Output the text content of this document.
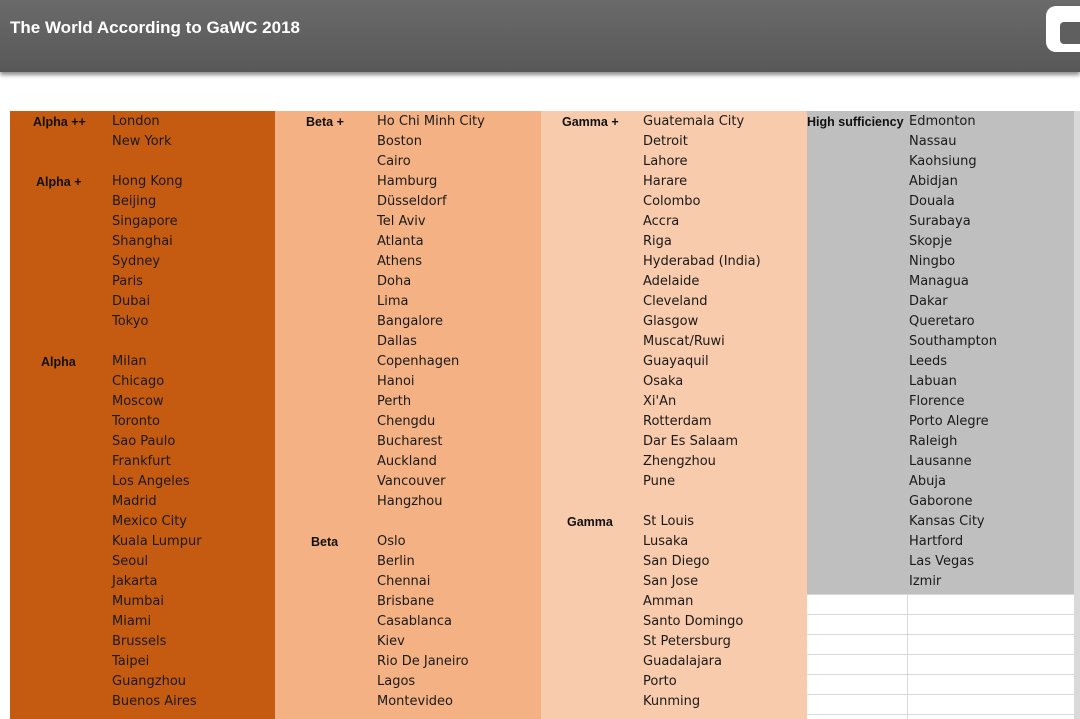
The World According to GaWC 2018
Alpha ++
Alpha +
Alpha
London
New York
Hong Kong
Beijing
Singapore
Shanghai
Sydney
Paris
Dubai
Tokyo
Milan
Chicago
Moscow
Toronto
Sao Paulo
Frankfurt
Los Angeles
Madrid
Mexico City
Kuala Lumpur
Seoul
Jakarta
Mumbai
Miami
Brussels
Taipei
Guangzhou
Buenos Aires
Beta +
Beta
Ho Chi Minh City
Boston
Cairo
Hamburg
Düsseldorf
Tel Aviv
Atlanta
Athens
Doha
Lima
Bangalore
Dallas
Copenhagen
Hanoi
Perth
Chengdu
Bucharest
Auckland
Vancouver
Hangzhou
Oslo
Berlin
Chennai
Brisbane
Casablanca
Kiev
Rio De Janeiro
Lagos
Montevideo
Gamma +
Gamma
Guatemala City
Detroit
Lahore
Harare
Colombo
Accra
Riga
Hyderabad (India)
Adelaide
Cleveland
Glasgow
Muscat/Ruwi
Guayaquil
Osaka
Xi'An
Rotterdam
Dar Es Salaam
Zhengzhou
Pune
St Louis
Lusaka
San Diego
San Jose
Amman
Santo Domingo
St Petersburg
Guadalajara
Porto
Kunming
High sufficiency Edmonton
Nassau
Kaohsiung
Abidjan
Douala
Surabaya
Skopje
Ningbo
Managua
Dakar
Queretaro
Southampton
Leeds
Labuan
Florence
Porto Alegre
Raleigh
Lausanne
Abuja
Gaborone
Kansas City
Hartford
Las Vegas
Izmir
